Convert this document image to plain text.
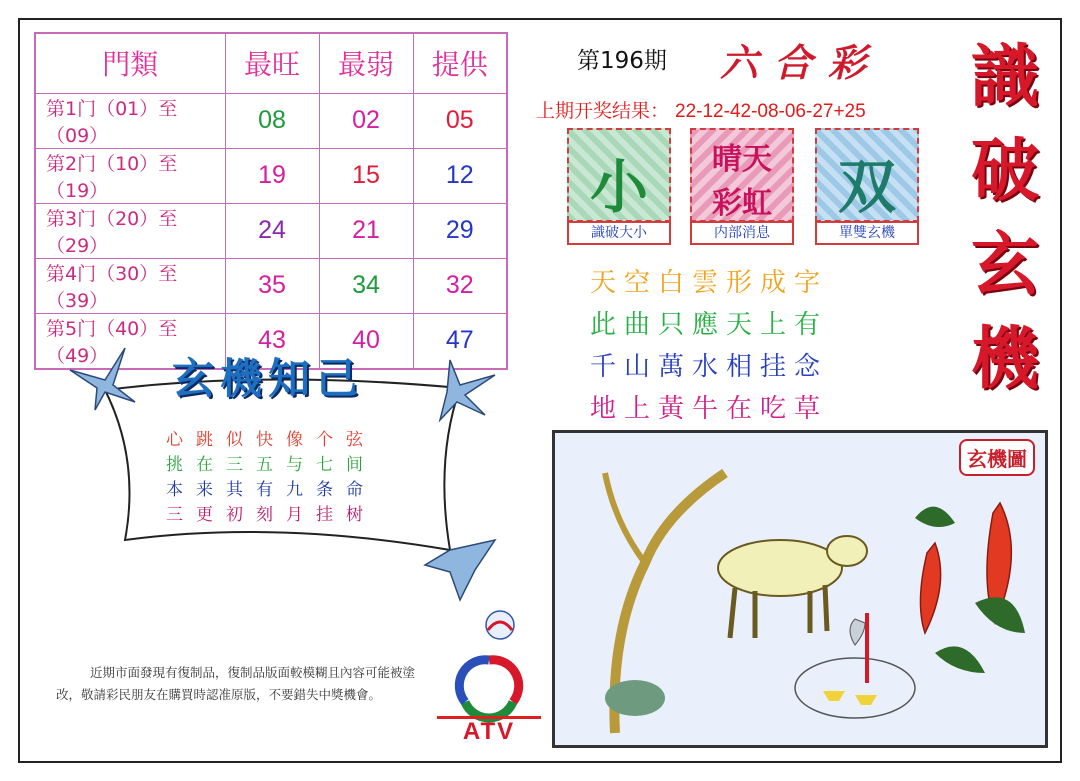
門類	最旺	最弱	提供
第1门（01）至（09）	08	02	05
第2门（10）至（19）	19	15	12
第3门（20）至（29）	24	21	29
第4门（30）至（39）	35	34	32
第5门（40）至（49）	43	40	47
第196期 六合彩
上期开奖结果： 22-12-42-08-06-27+25	識破玄機
小
識破大小
晴天
彩虹
内部消息
双
單雙玄機
天空白雲形成字
此曲只應天上有
千山萬水相挂念
地上黃牛在吃草
玄機知己
心跳似快像个弦
挑在三五与七间
本来其有九条命
三更初刻月挂树
近期市面發現有復制品，復制品版面較模糊且內容可能被塗
改，敬請彩民朋友在購買時認准原版，不要錯失中獎機會。
ATV
玄機圖
